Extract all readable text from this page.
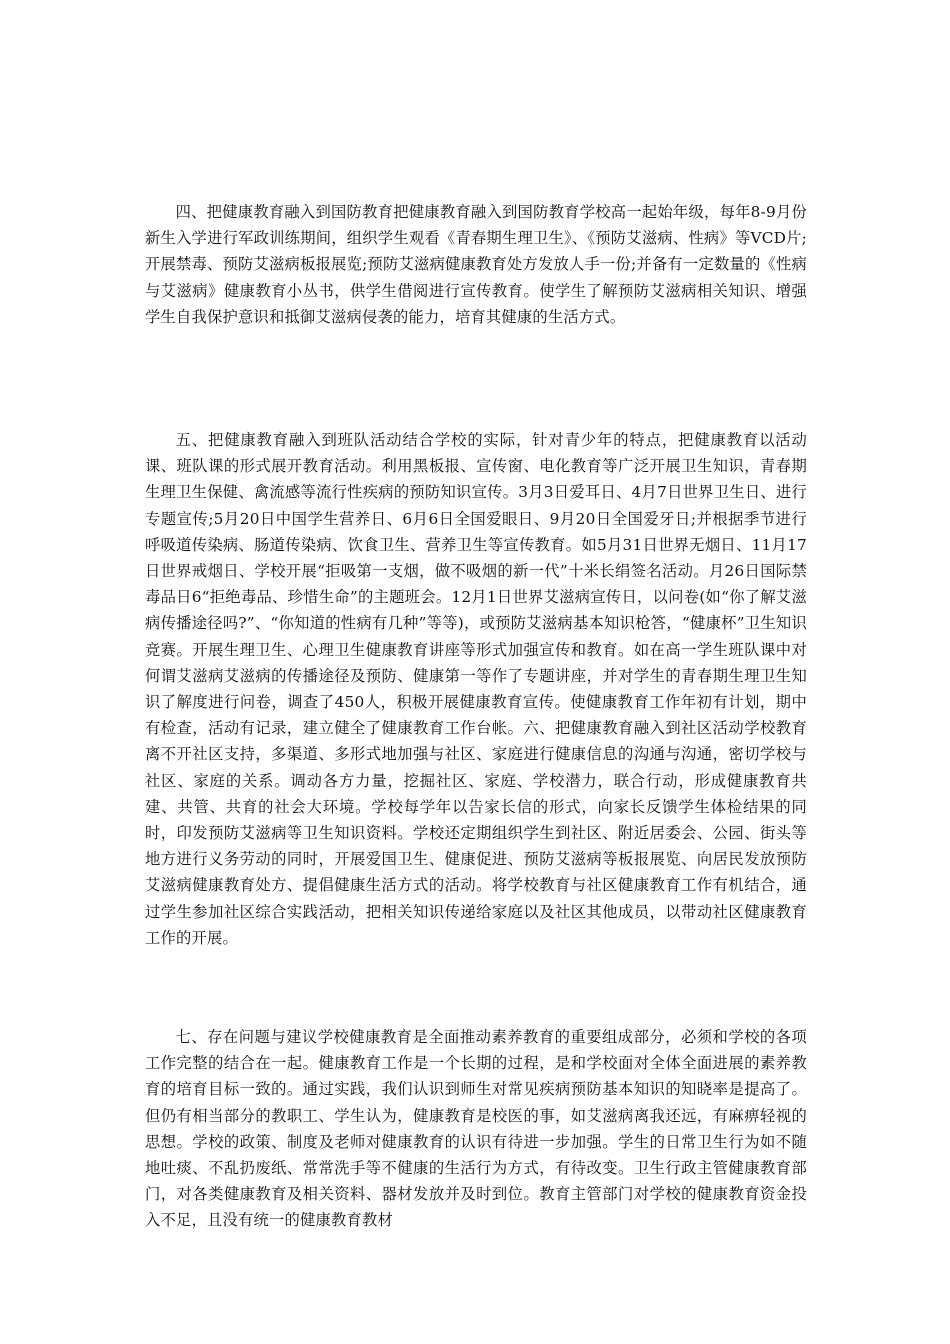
四、把健康教育融入到国防教育把健康教育融入到国防教育学校高一起始年级，每年8-9月份新生入学进行军政训练期间，组织学生观看《青春期生理卫生》、《预防艾滋病、性病》等VCD片;开展禁毒、预防艾滋病板报展览;预防艾滋病健康教育处方发放人手一份;并备有一定数量的《性病与艾滋病》健康教育小丛书，供学生借阅进行宣传教育。使学生了解预防艾滋病相关知识、增强学生自我保护意识和抵御艾滋病侵袭的能力，培育其健康的生活方式。

五、把健康教育融入到班队活动结合学校的实际，针对青少年的特点，把健康教育以活动课、班队课的形式展开教育活动。利用黑板报、宣传窗、电化教育等广泛开展卫生知识，青春期生理卫生保健、禽流感等流行性疾病的预防知识宣传。3月3日爱耳日、4月7日世界卫生日、进行专题宣传;5月20日中国学生营养日、6月6日全国爱眼日、9月20日全国爱牙日;并根据季节进行呼吸道传染病、肠道传染病、饮食卫生、营养卫生等宣传教育。如5月31日世界无烟日、11月17日世界戒烟日、学校开展“拒吸第一支烟，做不吸烟的新一代”十米长绢签名活动。月26日国际禁毒品日6“拒绝毒品、珍惜生命”的主题班会。12月1日世界艾滋病宣传日，以问卷(如“你了解艾滋病传播途径吗?”、“你知道的性病有几种”等等)，或预防艾滋病基本知识枪答，“健康杯”卫生知识竞赛。开展生理卫生、心理卫生健康教育讲座等形式加强宣传和教育。如在高一学生班队课中对何谓艾滋病艾滋病的传播途径及预防、健康第一等作了专题讲座，并对学生的青春期生理卫生知识了解度进行问卷，调查了450人，积极开展健康教育宣传。使健康教育工作年初有计划，期中有检查，活动有记录，建立健全了健康教育工作台帐。六、把健康教育融入到社区活动学校教育离不开社区支持，多渠道、多形式地加强与社区、家庭进行健康信息的沟通与沟通，密切学校与社区、家庭的关系。调动各方力量，挖掘社区、家庭、学校潜力，联合行动，形成健康教育共建、共管、共育的社会大环境。学校每学年以告家长信的形式，向家长反馈学生体检结果的同时，印发预防艾滋病等卫生知识资料。学校还定期组织学生到社区、附近居委会、公园、街头等地方进行义务劳动的同时，开展爱国卫生、健康促进、预防艾滋病等板报展览、向居民发放预防艾滋病健康教育处方、提倡健康生活方式的活动。将学校教育与社区健康教育工作有机结合，通过学生参加社区综合实践活动，把相关知识传递给家庭以及社区其他成员，以带动社区健康教育工作的开展。

七、存在问题与建议学校健康教育是全面推动素养教育的重要组成部分，必须和学校的各项工作完整的结合在一起。健康教育工作是一个长期的过程，是和学校面对全体全面进展的素养教育的培育目标一致的。通过实践，我们认识到师生对常见疾病预防基本知识的知晓率是提高了。但仍有相当部分的教职工、学生认为，健康教育是校医的事，如艾滋病离我还远，有麻痹轻视的思想。学校的政策、制度及老师对健康教育的认识有待进一步加强。学生的日常卫生行为如不随地吐痰、不乱扔废纸、常常洗手等不健康的生活行为方式，有待改变。卫生行政主管健康教育部门，对各类健康教育及相关资料、器材发放并及时到位。教育主管部门对学校的健康教育资金投入不足，且没有统一的健康教育教材
